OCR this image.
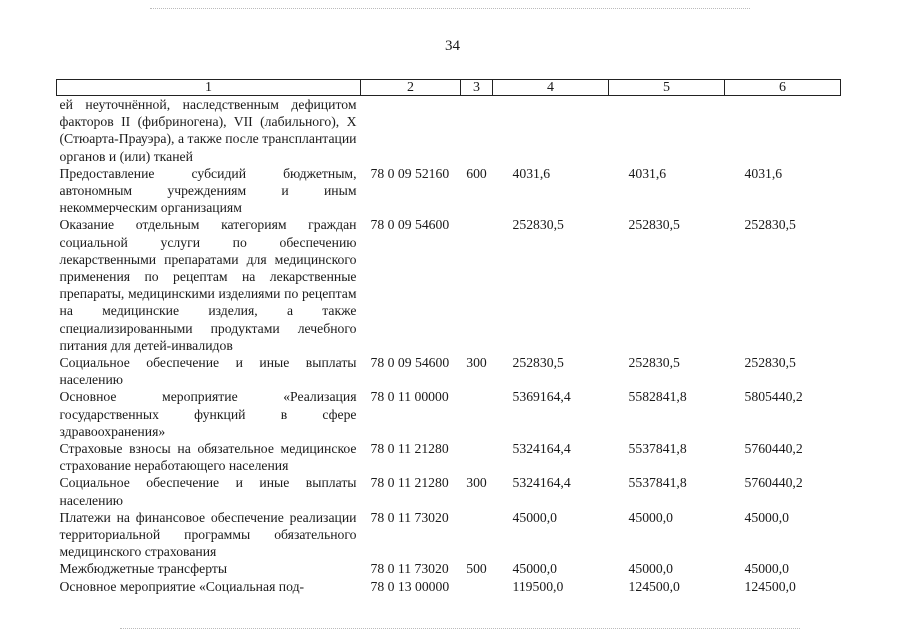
34
1	2	3	4	5	6
ей неуточнённой, наследственным дефицитом факторов II (фибриногена), VII (лабильного), X (Стюарта-Прауэра), а также после трансплантации органов и (или) тканей					
Предоставление субсидий бюджетным, автономным учреждениям и иным некоммерческим организациям	78 0 09 52160	600	4031,6	4031,6	4031,6
Оказание отдельным категориям граждан социальной услуги по обеспечению лекарственными препаратами для медицинского применения по рецептам на лекарственные препараты, медицинскими изделиями по рецептам на медицинские изделия, а также специализированными продуктами лечебного питания для детей-инвалидов	78 0 09 54600		252830,5	252830,5	252830,5
Социальное обеспечение и иные выплаты населению	78 0 09 54600	300	252830,5	252830,5	252830,5
Основное мероприятие «Реализация государственных функций в сфере здравоохранения»	78 0 11 00000		5369164,4	5582841,8	5805440,2
Страховые взносы на обязательное медицинское страхование неработающего населения	78 0 11 21280		5324164,4	5537841,8	5760440,2
Социальное обеспечение и иные выплаты населению	78 0 11 21280	300	5324164,4	5537841,8	5760440,2
Платежи на финансовое обеспечение реализации территориальной программы обязательного медицинского страхования	78 0 11 73020		45000,0	45000,0	45000,0
Межбюджетные трансферты	78 0 11 73020	500	45000,0	45000,0	45000,0
Основное мероприятие «Социальная под-	78 0 13 00000		119500,0	124500,0	124500,0
